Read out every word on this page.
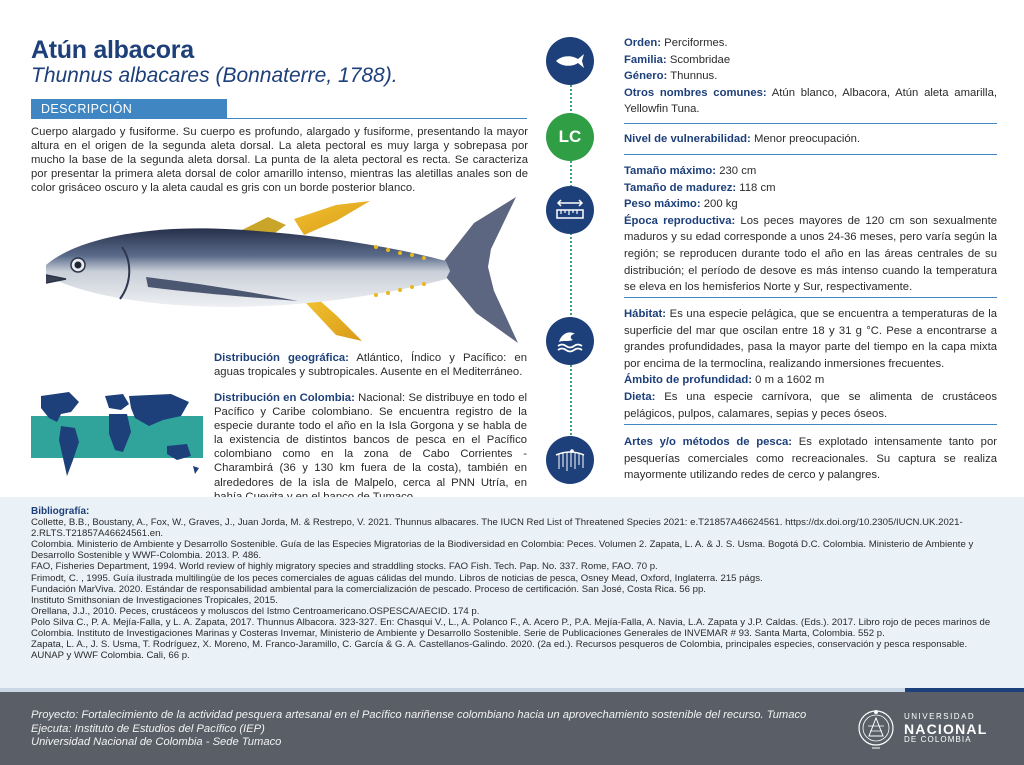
Atún albacora
Thunnus albacares (Bonnaterre, 1788).
DESCRIPCIÓN
Cuerpo alargado y fusiforme. Su cuerpo es profundo, alargado y fusiforme, presentando la mayor altura en el origen de la segunda aleta dorsal. La aleta pectoral es muy larga y sobrepasa por mucho la base de la segunda aleta dorsal. La punta de la aleta pectoral es recta. Se caracteriza por presentar la primera aleta dorsal de color amarillo intenso, mientras las aletillas anales son de color grisáceo oscuro y la aleta caudal es gris con un borde posterior blanco.
Distribución geográfica: Atlántico, Índico y Pacífico: en aguas tropicales y subtropicales. Ausente en el Mediterráneo.
Distribución en Colombia: Nacional: Se distribuye en todo el Pacífico y Caribe colombiano. Se encuentra registro de la especie durante todo el año en la Isla Gorgona y se habla de la existencia de distintos bancos de pesca en el Pacífico colombiano como en la zona de Cabo Corrientes - Charambirá (36 y 130 km fuera de la costa), también en alrededores de la isla de Malpelo, cerca al PNN Utría, en
LC
Orden: Perciformes.
Familia: Scombridae
Género: Thunnus.
Otros nombres comunes: Atún blanco, Albacora, Atún aleta amarilla, Yellowfin Tuna.
Nivel de vulnerabilidad: Menor preocupación.
Tamaño máximo: 230 cm
Tamaño de madurez: 118 cm
Peso máximo: 200 kg
Época reproductiva: Los peces mayores de 120 cm son sexualmente maduros y su edad corresponde a unos 24-36 meses, pero varía según la región; se reproducen durante todo el año en las áreas centrales de su distribución; el período de desove es más intenso cuando la temperatura se eleva en los hemisferios Norte y Sur, respectivamente.
Hábitat: Es una especie pelágica, que se encuentra a temperaturas de la superficie del mar que oscilan entre 18 y 31 g °C. Pese a encontrarse a grandes profundidades, pasa la mayor parte del tiempo en la capa mixta por encima de la termoclina, realizando inmersiones frecuentes.
Ámbito de profundidad: 0 m a 1602 m
Dieta: Es una especie carnívora, que se alimenta de crustáceos pelágicos, pulpos, calamares, sepias y peces óseos.
Artes y/o métodos de pesca: Es explotado intensamente tanto por pesquerías comerciales como recreacionales. Su captura se realiza mayormente utilizando redes de cerco y palangres.
Bibliografía:

Collette, B.B., Boustany, A., Fox, W., Graves, J., Juan Jorda, M. & Restrepo, V. 2021. Thunnus albacares. The IUCN Red List of Threatened Species 2021: e.T21857A46624561. https://dx.doi.org/10.2305/IUCN.UK.2021-2.RLTS.T21857A46624561.en.

Colombia. Ministerio de Ambiente y Desarrollo Sostenible. Guía de las Especies Migratorias de la Biodiversidad en Colombia: Peces. Volumen 2. Zapata, L. A. & J. S. Usma. Bogotá D.C. Colombia. Ministerio de Ambiente y Desarrollo Sostenible y WWF-Colombia. 2013. P. 486.

FAO, Fisheries Department, 1994. World review of highly migratory species and straddling stocks. FAO Fish. Tech. Pap. No. 337. Rome, FAO. 70 p.

Frimodt, C. , 1995. Guía ilustrada multilingüe de los peces comerciales de aguas cálidas del mundo. Libros de noticias de pesca, Osney Mead, Oxford, Inglaterra. 215 págs.

Fundación MarViva. 2020. Estándar de responsabilidad ambiental para la comercialización de pescado. Proceso de certificación. San José, Costa Rica. 56 pp.

Instituto Smithsonian de Investigaciones Tropicales, 2015.

Orellana, J.J., 2010. Peces, crustáceos y moluscos del Istmo Centroamericano.OSPESCA/AECID. 174 p.

Polo Silva C., P. A. Mejía-Falla, y L. A. Zapata, 2017. Thunnus Albacora. 323-327. En: Chasqui V., L., A. Polanco F., A. Acero P., P.A. Mejía-Falla, A. Navia, L.A. Zapata y J.P. Caldas. (Eds.). 2017. Libro rojo de peces marinos de Colombia. Instituto de Investigaciones Marinas y Costeras Invemar, Ministerio de Ambiente y Desarrollo Sostenible. Serie de Publicaciones Generales de INVEMAR # 93. Santa Marta, Colombia. 552 p.

Zapata, L. A., J. S. Usma, T. Rodríguez, X. Moreno, M. Franco-Jaramillo, C. García & G. A. Castellanos-Galindo. 2020. (2a ed.). Recursos pesqueros de Colombia, principales especies, conservación y pesca responsable. AUNAP y WWF Colombia. Cali, 66 p.

Proyecto: Fortalecimiento de la actividad pesquera artesanal en el Pacífico nariñense colombiano hacia un aprovechamiento sostenible del recurso. Tumaco
Ejecuta: Instituto de Estudios del Pacífico (IEP)
Universidad Nacional de Colombia - Sede Tumaco
UNIVERSIDAD
NACIONAL
DE COLOMBIA
